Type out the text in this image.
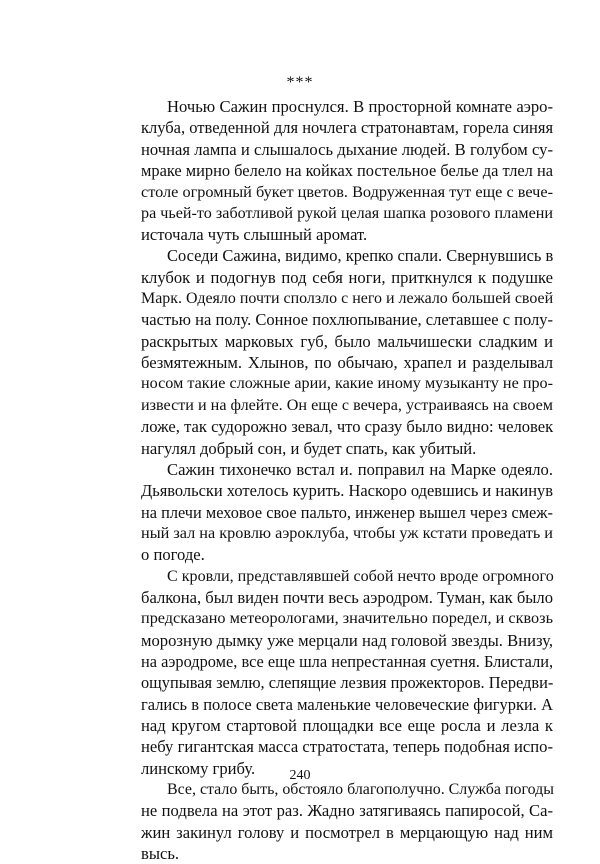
***
Ночью Сажин проснулся. В просторной комнате аэро-
клуба, отведенной для ночлега стратонавтам, горела синяя
ночная лампа и слышалось дыхание людей. В голубом су-
мраке мирно белело на койках постельное белье да тлел на
столе огромный букет цветов. Водруженная тут еще с вече-
ра чьей-то заботливой рукой целая шапка розового пламени
источала чуть слышный аромат.
Соседи Сажина, видимо, крепко спали. Свернувшись в
клубок и подогнув под себя ноги, приткнулся к подушке
Марк. Одеяло почти сползло с него и лежало большей своей
частью на полу. Сонное похлюпывание, слетавшее с полу-
раскрытых марковых губ, было мальчишески сладким и
безмятежным. Хлынов, по обычаю, храпел и разделывал
носом такие сложные арии, какие иному музыканту не про-
извести и на флейте. Он еще с вечера, устраиваясь на своем
ложе, так судорожно зевал, что сразу было видно: человек
нагулял добрый сон, и будет спать, как убитый.
Сажин тихонечко встал и. поправил на Марке одеяло.
Дьявольски хотелось курить. Наскоро одевшись и накинув
на плечи меховое свое пальто, инженер вышел через смеж-
ный зал на кровлю аэроклуба, чтобы уж кстати проведать и
о погоде.
С кровли, представлявшей собой нечто вроде огромного
балкона, был виден почти весь аэродром. Туман, как было
предсказано метеорологами, значительно поредел, и сквозь
морозную дымку уже мерцали над головой звезды. Внизу,
на аэродроме, все еще шла непрестанная суетня. Блистали,
ощупывая землю, слепящие лезвия прожекторов. Передви-
гались в полосе света маленькие человеческие фигурки. А
над кругом стартовой площадки все еще росла и лезла к
небу гигантская масса стратостата, теперь подобная испо-
линскому грибу.
Все, стало быть, обстояло благополучно. Служба погоды
не подвела на этот раз. Жадно затягиваясь папиросой, Са-
жин закинул голову и посмотрел в мерцающую над ним
высь.
240
